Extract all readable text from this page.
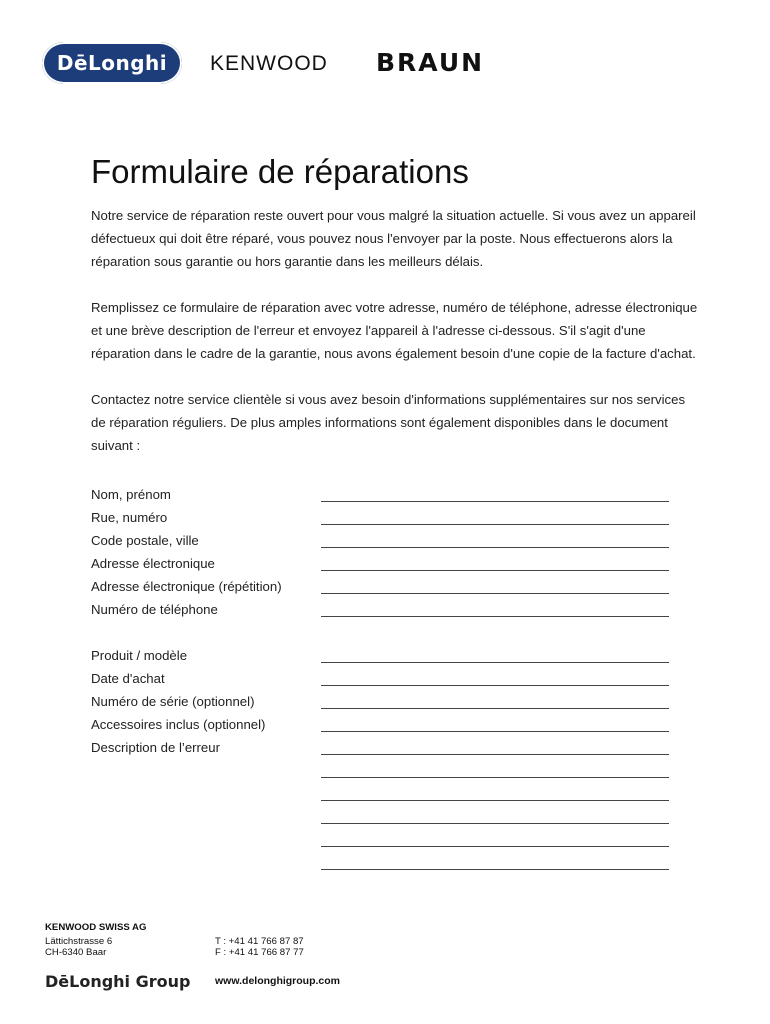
DēLonghi KENWOOD BRAUN
Formulaire de réparations

Notre service de réparation reste ouvert pour vous malgré la situation actuelle. Si vous avez un appareil défectueux qui doit être réparé, vous pouvez nous l'envoyer par la poste. Nous effectuerons alors la réparation sous garantie ou hors garantie dans les meilleurs délais.

Remplissez ce formulaire de réparation avec votre adresse, numéro de téléphone, adresse électronique et une brève description de l'erreur et envoyez l'appareil à l'adresse ci-dessous. S'il s'agit d'une réparation dans le cadre de la garantie, nous avons également besoin d'une copie de la facture d'achat.

Contactez notre service clientèle si vous avez besoin d'informations supplémentaires sur nos services de réparation réguliers. De plus amples informations sont également disponibles dans le document suivant :

Nom, prénom
Rue, numéro
Code postale, ville
Adresse électronique
Adresse électronique (répétition)
Numéro de téléphone
Produit / modèle
Date d'achat
Numéro de série (optionnel)
Accessoires inclus (optionnel)
Description de l’erreur
KENWOOD SWISS AG
Lättichstrasse 6
CH-6340 Baar
T : +41 41 766 87 87
F : +41 41 766 87 77
DēLonghi Group www.delonghigroup.com
